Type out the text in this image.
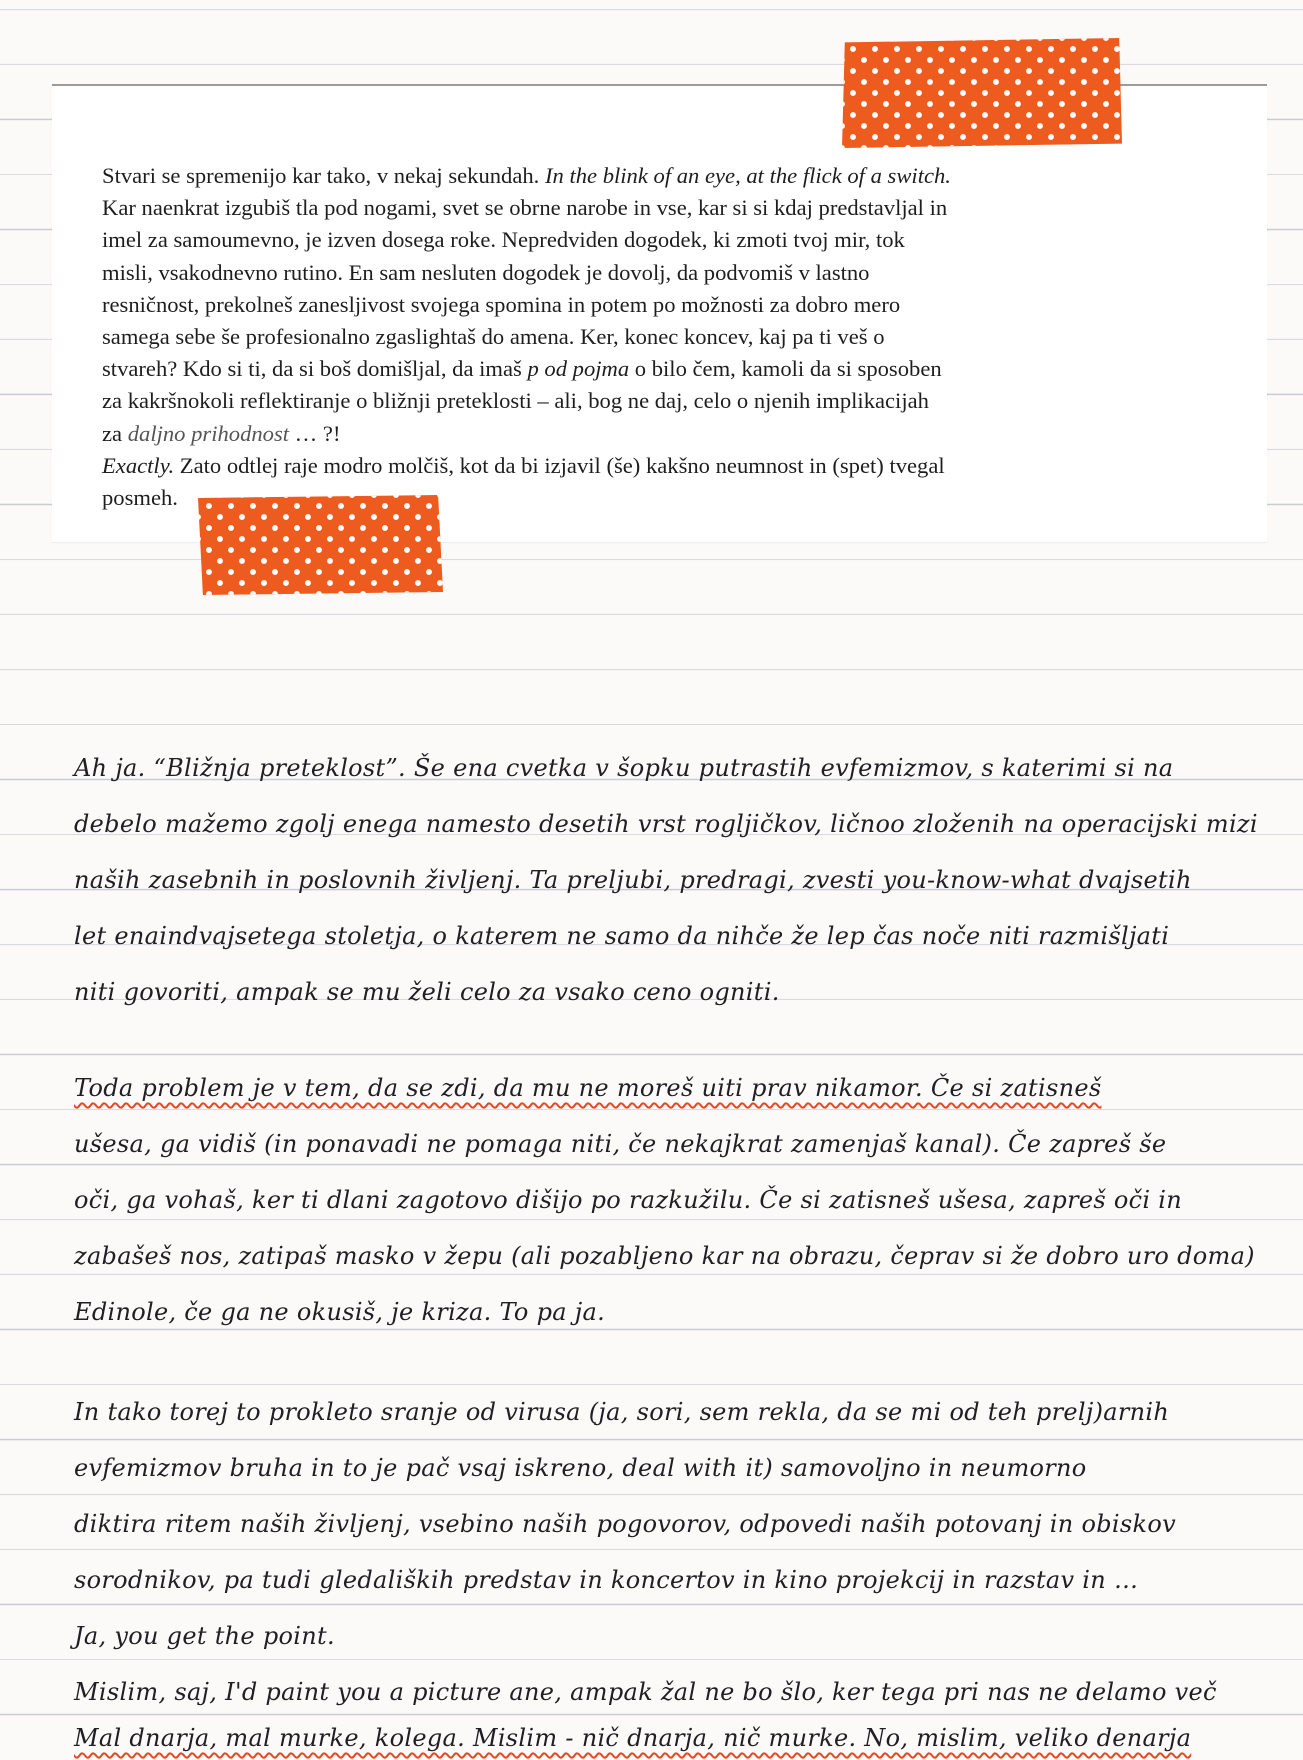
Stvari se spremenijo kar tako, v nekaj sekundah. In the blink of an eye, at the flick of a switch.

Kar naenkrat izgubiš tla pod nogami, svet se obrne narobe in vse, kar si si kdaj predstavljal in

imel za samoumevno, je izven dosega roke. Nepredviden dogodek, ki zmoti tvoj mir, tok

misli, vsakodnevno rutino. En sam nesluten dogodek je dovolj, da podvomiš v lastno

resničnost, prekolneš zanesljivost svojega spomina in potem po možnosti za dobro mero

samega sebe še profesionalno zgaslightaš do amena. Ker, konec koncev, kaj pa ti veš o

stvareh? Kdo si ti, da si boš domišljal, da imaš p od pojma o bilo čem, kamoli da si sposoben

za kakršnokoli reflektiranje o bližnji preteklosti – ali, bog ne daj, celo o njenih implikacijah

za daljno prihodnost … ?!

Exactly. Zato odtlej raje modro molčiš, kot da bi izjavil (še) kakšno neumnost in (spet) tvegal

posmeh.

Ah ja. “Bližnja preteklost”. Še ena cvetka v šopku putrastih evfemizmov, s katerimi si na
debelo mažemo zgolj enega namesto desetih vrst rogljičkov, ličnoo zloženih na operacijski mizi
naših zasebnih in poslovnih življenj. Ta preljubi, predragi, zvesti you-know-what dvajsetih
let enaindvajsetega stoletja, o katerem ne samo da nihče že lep čas noče niti razmišljati
niti govoriti, ampak se mu želi celo za vsako ceno ogniti.
Toda problem je v tem, da se zdi, da mu ne moreš uiti prav nikamor. Če si zatisneš
ušesa, ga vidiš (in ponavadi ne pomaga niti, če nekajkrat zamenjaš kanal). Če zapreš še
oči, ga vohaš, ker ti dlani zagotovo dišijo po razkužilu. Če si zatisneš ušesa, zapreš oči in
zabašeš nos, zatipaš masko v žepu (ali pozabljeno kar na obrazu, čeprav si že dobro uro doma)
Edinole, če ga ne okusiš, je kriza. To pa ja.
In tako torej to prokleto sranje od virusa (ja, sori, sem rekla, da se mi od teh prelj)arnih
evfemizmov bruha in to je pač vsaj iskreno, deal with it) samovoljno in neumorno
diktira ritem naših življenj, vsebino naših pogovorov, odpovedi naših potovanj in obiskov
sorodnikov, pa tudi gledaliških predstav in koncertov in kino projekcij in razstav in …
Ja, you get the point.
Mislim, saj, I'd paint you a picture ane, ampak žal ne bo šlo, ker tega pri nas ne delamo več
Mal dnarja, mal murke, kolega. Mislim - nič dnarja, nič murke. No, mislim, veliko denarja
